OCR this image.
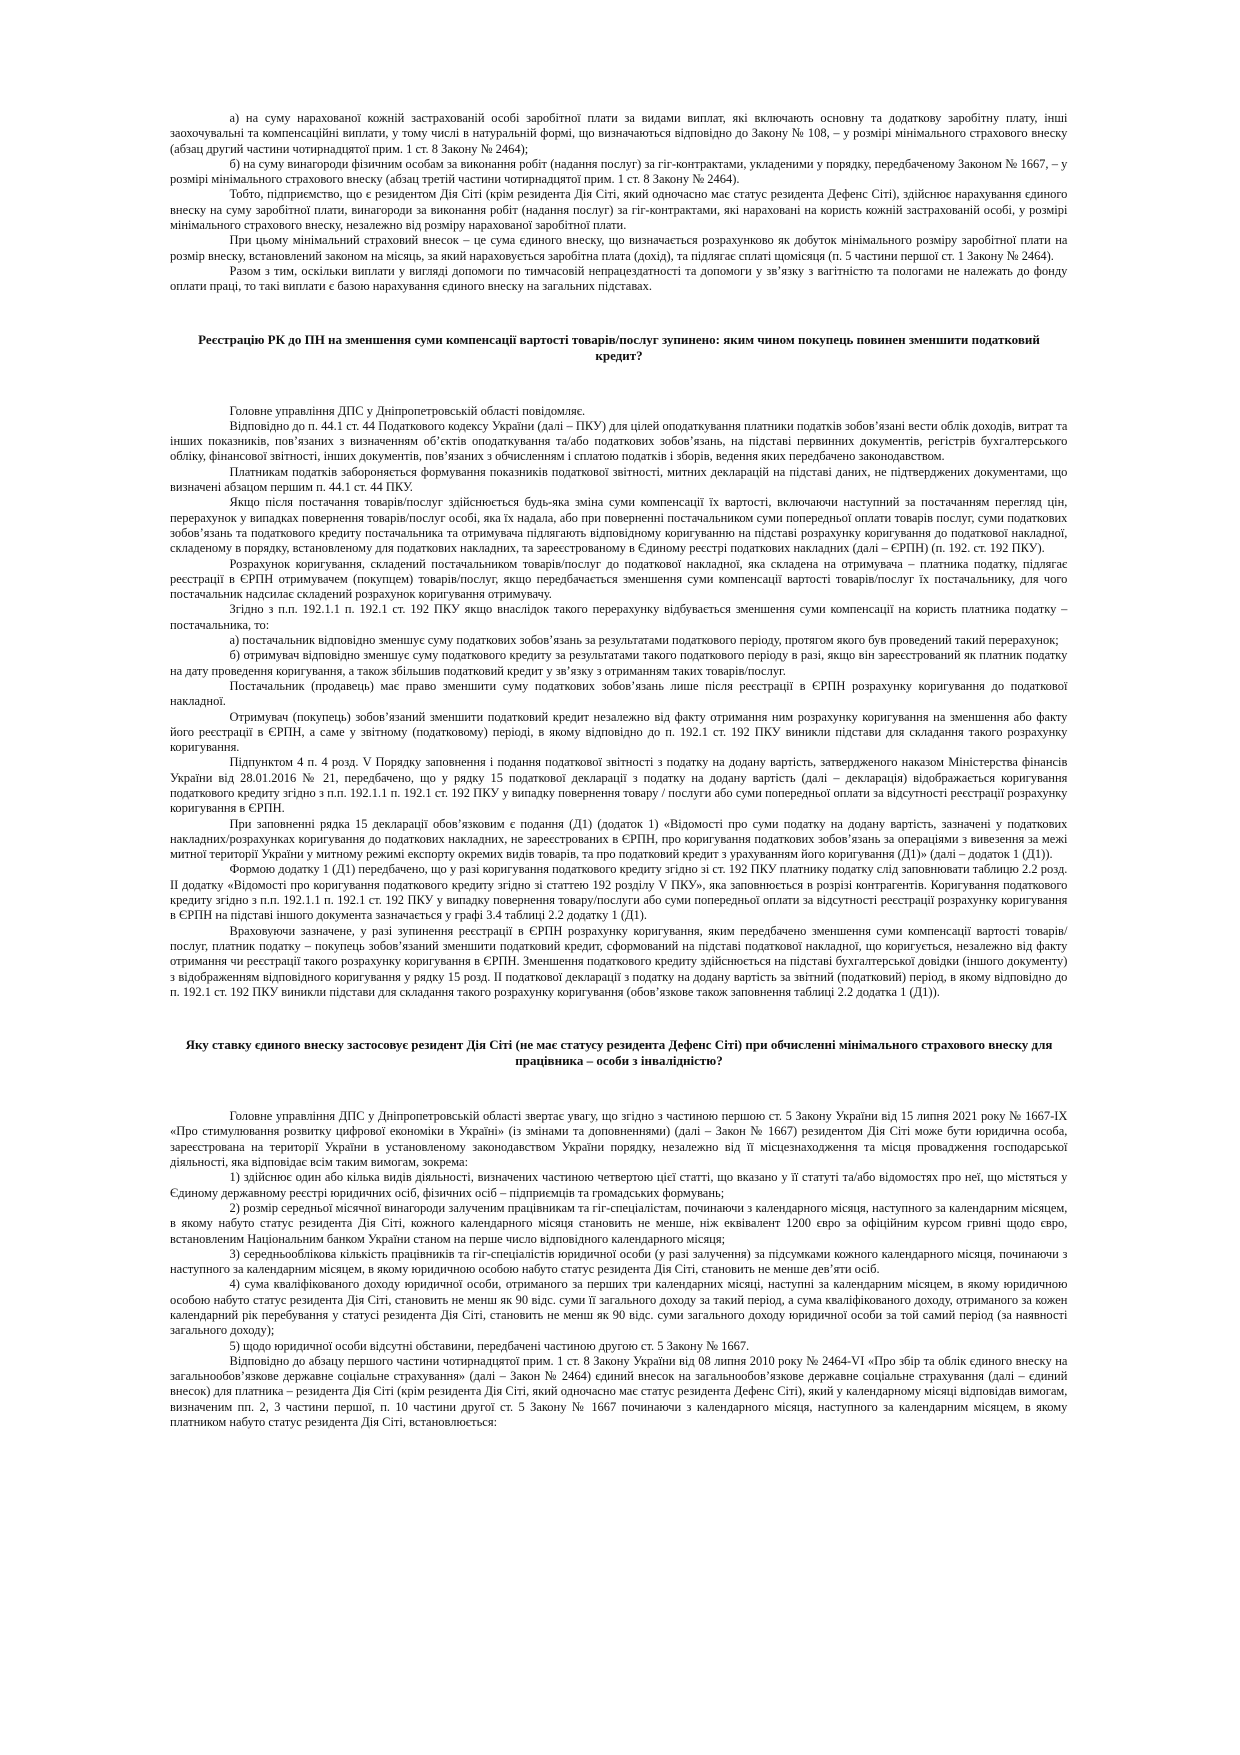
а) на суму нарахованої кожній застрахованій особі заробітної плати за видами виплат, які включають основну та додаткову заробітну плату, інші заохочувальні та компенсаційні виплати, у тому числі в натуральній формі, що визначаються відповідно до Закону № 108, – у розмірі мінімального страхового внеску (абзац другий частини чотирнадцятої прим. 1 ст. 8 Закону № 2464);

б) на суму винагороди фізичним особам за виконання робіт (надання послуг) за гіг-контрактами, укладеними у порядку, передбаченому Законом № 1667, – у розмірі мінімального страхового внеску (абзац третій частини чотирнадцятої прим. 1 ст. 8 Закону № 2464).

Тобто, підприємство, що є резидентом Дія Сіті (крім резидента Дія Сіті, який одночасно має статус резидента Дефенс Сіті), здійснює нарахування єдиного внеску на суму заробітної плати, винагороди за виконання робіт (надання послуг) за гіг-контрактами, які нараховані на користь кожній застрахованій особі, у розмірі мінімального страхового внеску, незалежно від розміру нарахованої заробітної плати.

При цьому мінімальний страховий внесок – це сума єдиного внеску, що визначається розрахунково як добуток мінімального розміру заробітної плати на розмір внеску, встановлений законом на місяць, за який нараховується заробітна плата (дохід), та підлягає сплаті щомісяця (п. 5 частини першої ст. 1 Закону № 2464).

Разом з тим, оскільки виплати у вигляді допомоги по тимчасовій непрацездатності та допомоги у зв’язку з вагітністю та пологами не належать до фонду оплати праці, то такі виплати є базою нарахування єдиного внеску на загальних підставах.

Реєстрацію РК до ПН на зменшення суми компенсації вартості товарів/послуг зупинено: яким чином покупець повинен зменшити податковий кредит?

Головне управління ДПС у Дніпропетровській області повідомляє.

Відповідно до п. 44.1 ст. 44 Податкового кодексу України (далі – ПКУ) для цілей оподаткування платники податків зобов’язані вести облік доходів, витрат та інших показників, пов’язаних з визначенням об’єктів оподаткування та/або податкових зобов’язань, на підставі первинних документів, регістрів бухгалтерського обліку, фінансової звітності, інших документів, пов’язаних з обчисленням і сплатою податків і зборів, ведення яких передбачено законодавством.

Платникам податків забороняється формування показників податкової звітності, митних декларацій на підставі даних, не підтверджених документами, що визначені абзацом першим п. 44.1 ст. 44 ПКУ.

Якщо після постачання товарів/послуг здійснюється будь-яка зміна суми компенсації їх вартості, включаючи наступний за постачанням перегляд цін, перерахунок у випадках повернення товарів/послуг особі, яка їх надала, або при поверненні постачальником суми попередньої оплати товарів послуг, суми податкових зобов’язань та податкового кредиту постачальника та отримувача підлягають відповідному коригуванню на підставі розрахунку коригування до податкової накладної, складеному в порядку, встановленому для податкових накладних, та зареєстрованому в Єдиному реєстрі податкових накладних (далі – ЄРПН) (п. 192. ст. 192 ПКУ).

Розрахунок коригування, складений постачальником товарів/послуг до податкової накладної, яка складена на отримувача – платника податку, підлягає реєстрації в ЄРПН отримувачем (покупцем) товарів/послуг, якщо передбачається зменшення суми компенсації вартості товарів/послуг їх постачальнику, для чого постачальник надсилає складений розрахунок коригування отримувачу.

Згідно з п.п. 192.1.1 п. 192.1 ст. 192 ПКУ якщо внаслідок такого перерахунку відбувається зменшення суми компенсації на користь платника податку – постачальника, то:

а) постачальник відповідно зменшує суму податкових зобов’язань за результатами податкового періоду, протягом якого був проведений такий перерахунок;

б) отримувач відповідно зменшує суму податкового кредиту за результатами такого податкового періоду в разі, якщо він зареєстрований як платник податку на дату проведення коригування, а також збільшив податковий кредит у зв’язку з отриманням таких товарів/послуг.

Постачальник (продавець) має право зменшити суму податкових зобов’язань лише після реєстрації в ЄРПН розрахунку коригування до податкової накладної.

Отримувач (покупець) зобов’язаний зменшити податковий кредит незалежно від факту отримання ним розрахунку коригування на зменшення або факту його реєстрації в ЄРПН, а саме у звітному (податковому) періоді, в якому відповідно до п. 192.1 ст. 192 ПКУ виникли підстави для складання такого розрахунку коригування.

Підпунктом 4 п. 4 розд. V Порядку заповнення і подання податкової звітності з податку на додану вартість, затвердженого наказом Міністерства фінансів України від 28.01.2016 № 21, передбачено, що у рядку 15 податкової декларації з податку на додану вартість (далі – декларація) відображається коригування податкового кредиту згідно з п.п. 192.1.1 п. 192.1 ст. 192 ПКУ у випадку повернення товару / послуги або суми попередньої оплати за відсутності реєстрації розрахунку коригування в ЄРПН.

При заповненні рядка 15 декларації обов’язковим є подання (Д1) (додаток 1) «Відомості про суми податку на додану вартість, зазначені у податкових накладних/розрахунках коригування до податкових накладних, не зареєстрованих в ЄРПН, про коригування податкових зобов’язань за операціями з вивезення за межі митної території України у митному режимі експорту окремих видів товарів, та про податковий кредит з урахуванням його коригування (Д1)» (далі – додаток 1 (Д1)).

Формою додатку 1 (Д1) передбачено, що у разі коригування податкового кредиту згідно зі ст. 192 ПКУ платнику податку слід заповнювати таблицю 2.2 розд. II додатку «Відомості про коригування податкового кредиту згідно зі статтею 192 розділу V ПКУ», яка заповнюється в розрізі контрагентів. Коригування податкового кредиту згідно з п.п. 192.1.1 п. 192.1 ст. 192 ПКУ у випадку повернення товару/послуги або суми попередньої оплати за відсутності реєстрації розрахунку коригування в ЄРПН на підставі іншого документа зазначається у графі 3.4 таблиці 2.2 додатку 1 (Д1).

Враховуючи зазначене, у разі зупинення реєстрації в ЄРПН розрахунку коригування, яким передбачено зменшення суми компенсації вартості товарів/послуг, платник податку – покупець зобов’язаний зменшити податковий кредит, сформований на підставі податкової накладної, що коригується, незалежно від факту отримання чи реєстрації такого розрахунку коригування в ЄРПН. Зменшення податкового кредиту здійснюється на підставі бухгалтерської довідки (іншого документу) з відображенням відповідного коригування у рядку 15 розд. II податкової декларації з податку на додану вартість за звітний (податковий) період, в якому відповідно до п. 192.1 ст. 192 ПКУ виникли підстави для складання такого розрахунку коригування (обов’язкове також заповнення таблиці 2.2 додатка 1 (Д1)).

Яку ставку єдиного внеску застосовує резидент Дія Сіті (не має статусу резидента Дефенс Сіті) при обчисленні мінімального страхового внеску для працівника – особи з інвалідністю?

Головне управління ДПС у Дніпропетровській області звертає увагу, що згідно з частиною першою ст. 5 Закону України від 15 липня 2021 року № 1667-IX «Про стимулювання розвитку цифрової економіки в Україні» (із змінами та доповненнями) (далі – Закон № 1667) резидентом Дія Сіті може бути юридична особа, зареєстрована на території України в установленому законодавством України порядку, незалежно від її місцезнаходження та місця провадження господарської діяльності, яка відповідає всім таким вимогам, зокрема:

1) здійснює один або кілька видів діяльності, визначених частиною четвертою цієї статті, що вказано у її статуті та/або відомостях про неї, що містяться у Єдиному державному реєстрі юридичних осіб, фізичних осіб – підприємців та громадських формувань;

2) розмір середньої місячної винагороди залученим працівникам та гіг-спеціалістам, починаючи з календарного місяця, наступного за календарним місяцем, в якому набуто статус резидента Дія Сіті, кожного календарного місяця становить не менше, ніж еквівалент 1200 євро за офіційним курсом гривні щодо євро, встановленим Національним банком України станом на перше число відповідного календарного місяця;

3) середньооблікова кількість працівників та гіг-спеціалістів юридичної особи (у разі залучення) за підсумками кожного календарного місяця, починаючи з наступного за календарним місяцем, в якому юридичною особою набуто статус резидента Дія Сіті, становить не менше дев’яти осіб.

4) сума кваліфікованого доходу юридичної особи, отриманого за перших три календарних місяці, наступні за календарним місяцем, в якому юридичною особою набуто статус резидента Дія Сіті, становить не менш як 90 відс. суми її загального доходу за такий період, а сума кваліфікованого доходу, отриманого за кожен календарний рік перебування у статусі резидента Дія Сіті, становить не менш як 90 відс. суми загального доходу юридичної особи за той самий період (за наявності загального доходу);

5) щодо юридичної особи відсутні обставини, передбачені частиною другою ст. 5 Закону № 1667.

Відповідно до абзацу першого частини чотирнадцятої прим. 1 ст. 8 Закону України від 08 липня 2010 року № 2464-VI «Про збір та облік єдиного внеску на загальнообов’язкове державне соціальне страхування» (далі – Закон № 2464) єдиний внесок на загальнообов’язкове державне соціальне страхування (далі – єдиний внесок) для платника – резидента Дія Сіті (крім резидента Дія Сіті, який одночасно має статус резидента Дефенс Сіті), який у календарному місяці відповідав вимогам, визначеним пп. 2, 3 частини першої, п. 10 частини другої ст. 5 Закону № 1667 починаючи з календарного місяця, наступного за календарним місяцем, в якому платником набуто статус резидента Дія Сіті, встановлюється:
